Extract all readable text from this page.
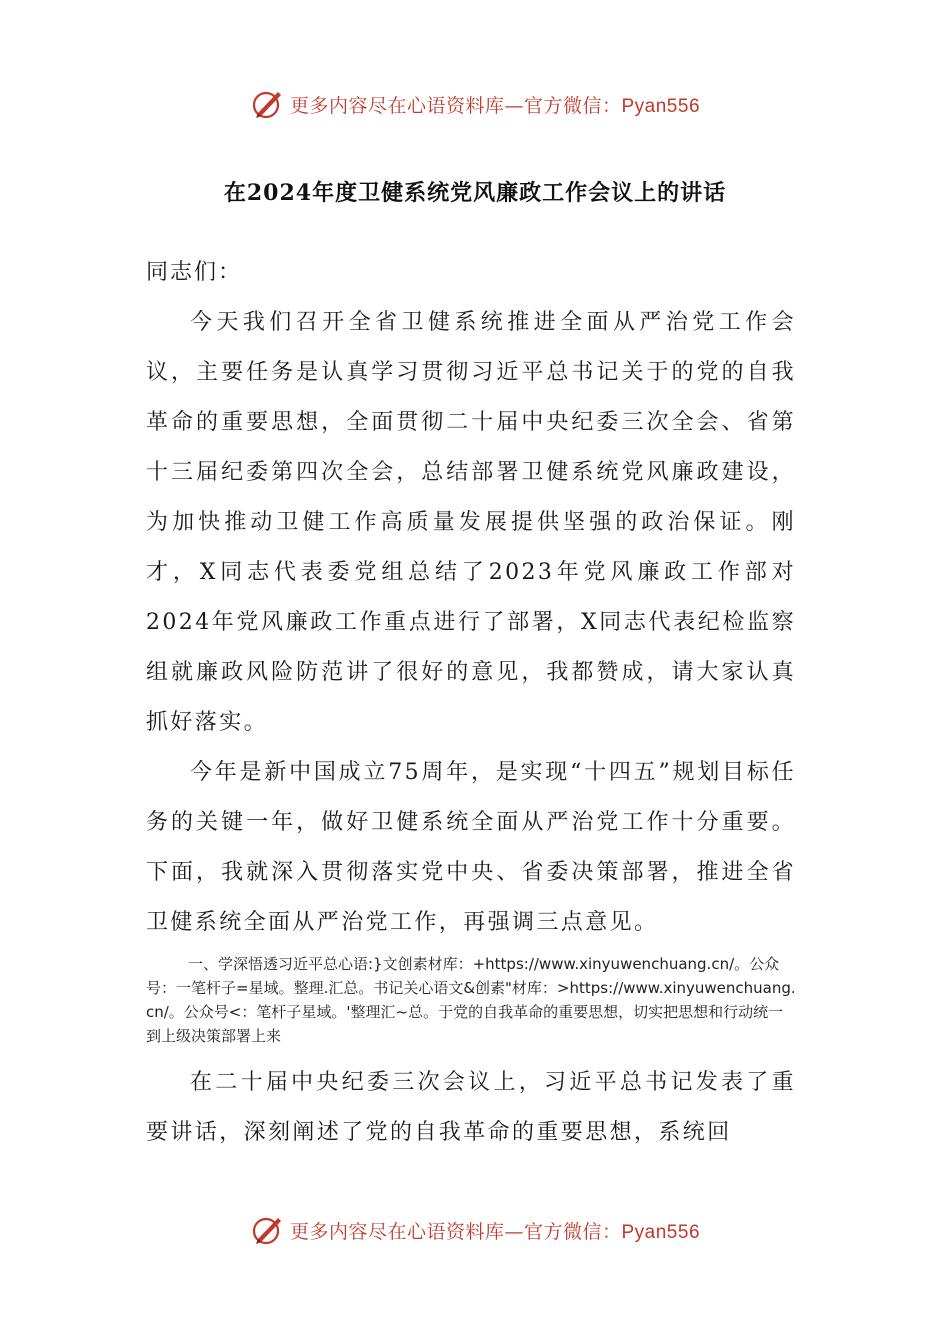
更多内容尽在心语资料库—官方微信：Pyan556
在2024年度卫健系统党风廉政工作会议上的讲话

同志们：

今天我们召开全省卫健系统推进全面从严治党工作会议，主要任务是认真学习贯彻习近平总书记关于的党的自我革命的重要思想，全面贯彻二十届中央纪委三次全会、省第十三届纪委第四次全会，总结部署卫健系统党风廉政建设，为加快推动卫健工作高质量发展提供坚强的政治保证。刚才，X同志代表委党组总结了2023年党风廉政工作部对2024年党风廉政工作重点进行了部署，X同志代表纪检监察组就廉政风险防范讲了很好的意见，我都赞成，请大家认真抓好落实。

今年是新中国成立75周年，是实现“十四五”规划目标任务的关键一年，做好卫健系统全面从严治党工作十分重要。下面，我就深入贯彻落实党中央、省委决策部署，推进全省卫健系统全面从严治党工作，再强调三点意见。

一、学深悟透习近平总心语:}文创素材库：+https://www.xinyuwenchuang.cn/。公众号：一笔杆子=星域。整理.汇总。书记关心语文&创素"材库：>https://www.xinyuwenchuang.cn/。公众号<：笔杆子星域。'整理汇~总。于党的自我革命的重要思想，切实把思想和行动统一到上级决策部署上来

在二十届中央纪委三次会议上，习近平总书记发表了重要讲话，深刻阐述了党的自我革命的重要思想，系统回

更多内容尽在心语资料库—官方微信：Pyan556
